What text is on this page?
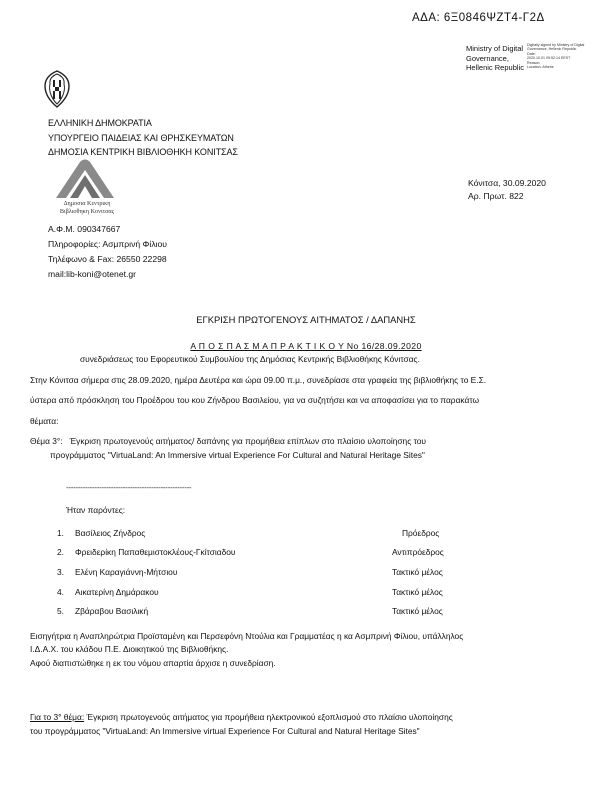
ΑΔΑ: 6Ξ0846ΨΖΤ4-Γ2Δ
Ministry of Digital
Governance,
Hellenic Republic
Digitally signed by Ministry of Digital
Governance, Hellenic Republic
Date:
2020.10.01 09:52:14 EEST
Reason:
Location: Athens
ΕΛΛΗΝΙΚΗ ΔΗΜΟΚΡΑΤΙΑ
ΥΠΟΥΡΓΕΙΟ ΠΑΙΔΕΙΑΣ ΚΑΙ ΘΡΗΣΚΕΥΜΑΤΩΝ
ΔΗΜΟΣΙΑ ΚΕΝΤΡΙΚΗ ΒΙΒΛΙΟΘΗΚΗ ΚΟΝΙΤΣΑΣ
Δημοσια Κεντρικη
Βιβλιοθηκη Κονιτσας
Α.Φ.Μ. 090347667
Πληροφορίες: Ασμπρινή Φίλιου
Τηλέφωνο & Fax: 26550 22298
mail:lib-koni@otenet.gr
Κόνιτσα, 30.09.2020
Αρ. Πρωτ. 822
ΕΓΚΡΙΣΗ ΠΡΩΤΟΓΕΝΟΥΣ ΑΙΤΗΜΑΤΟΣ / ΔΑΠΑΝΗΣ
Α Π Ο Σ Π Α Σ Μ Α Π Ρ Α Κ Τ Ι Κ Ο Υ Νο 16/28.09.2020
συνεδριάσεως του Εφορευτικού Συμβουλίου της Δημόσιας Κεντρικής Βιβλιοθήκης Κόνιτσας.
Στην Κόνιτσα σήμερα στις 28.09.2020, ημέρα Δευτέρα και ώρα 09.00 π.μ., συνεδρίασε στα γραφεία της βιβλιοθήκης το Ε.Σ.
ύστερα από πρόσκληση του Προέδρου του κου Ζήνδρου Βασιλείου, για να συζητήσει και να αποφασίσει για το παρακάτω
θέματα:
Θέμα 3°: Έγκριση πρωτογενούς αιτήματος/ δαπάνης για προμήθεια επίπλων στο πλαίσιο υλοποίησης του
προγράμματος "VirtuaLand: An Immersive virtual Experience For Cultural and Natural Heritage Sites"
-----------------------------------------------------
Ήταν παρόντες:
1. Βασίλειος Ζήνδρος	Πρόεδρος
2. Φρειδερίκη Παπαθεμιστοκλέους-Γκίτσιαδου	Αντιπρόεδρος
3. Ελένη Καραγιάννη-Μήτσιου	Τακτικό μέλος
4. Αικατερίνη Δημάρακου	Τακτικό μέλος
5. Ζβάραβου Βασιλική	Τακτικό μέλος
Εισηγήτρια η Αναπληρώτρια Προϊσταμένη και Περσεφόνη Ντούλια και Γραμματέας η κα Ασμπρινή Φίλιου, υπάλληλος
Ι.Δ.Α.Χ. του κλάδου Π.Ε. Διοικητικού της Βιβλιοθήκης.
Αφού διαπιστώθηκε η εκ του νόμου απαρτία άρχισε η συνεδρίαση.
Για το 3° θέμα: Έγκριση πρωτογενούς αιτήματος για προμήθεια ηλεκτρονικού εξοπλισμού στο πλαίσιο υλοποίησης
του προγράμματος "VirtuaLand: An Immersive virtual Experience For Cultural and Natural Heritage Sites"
